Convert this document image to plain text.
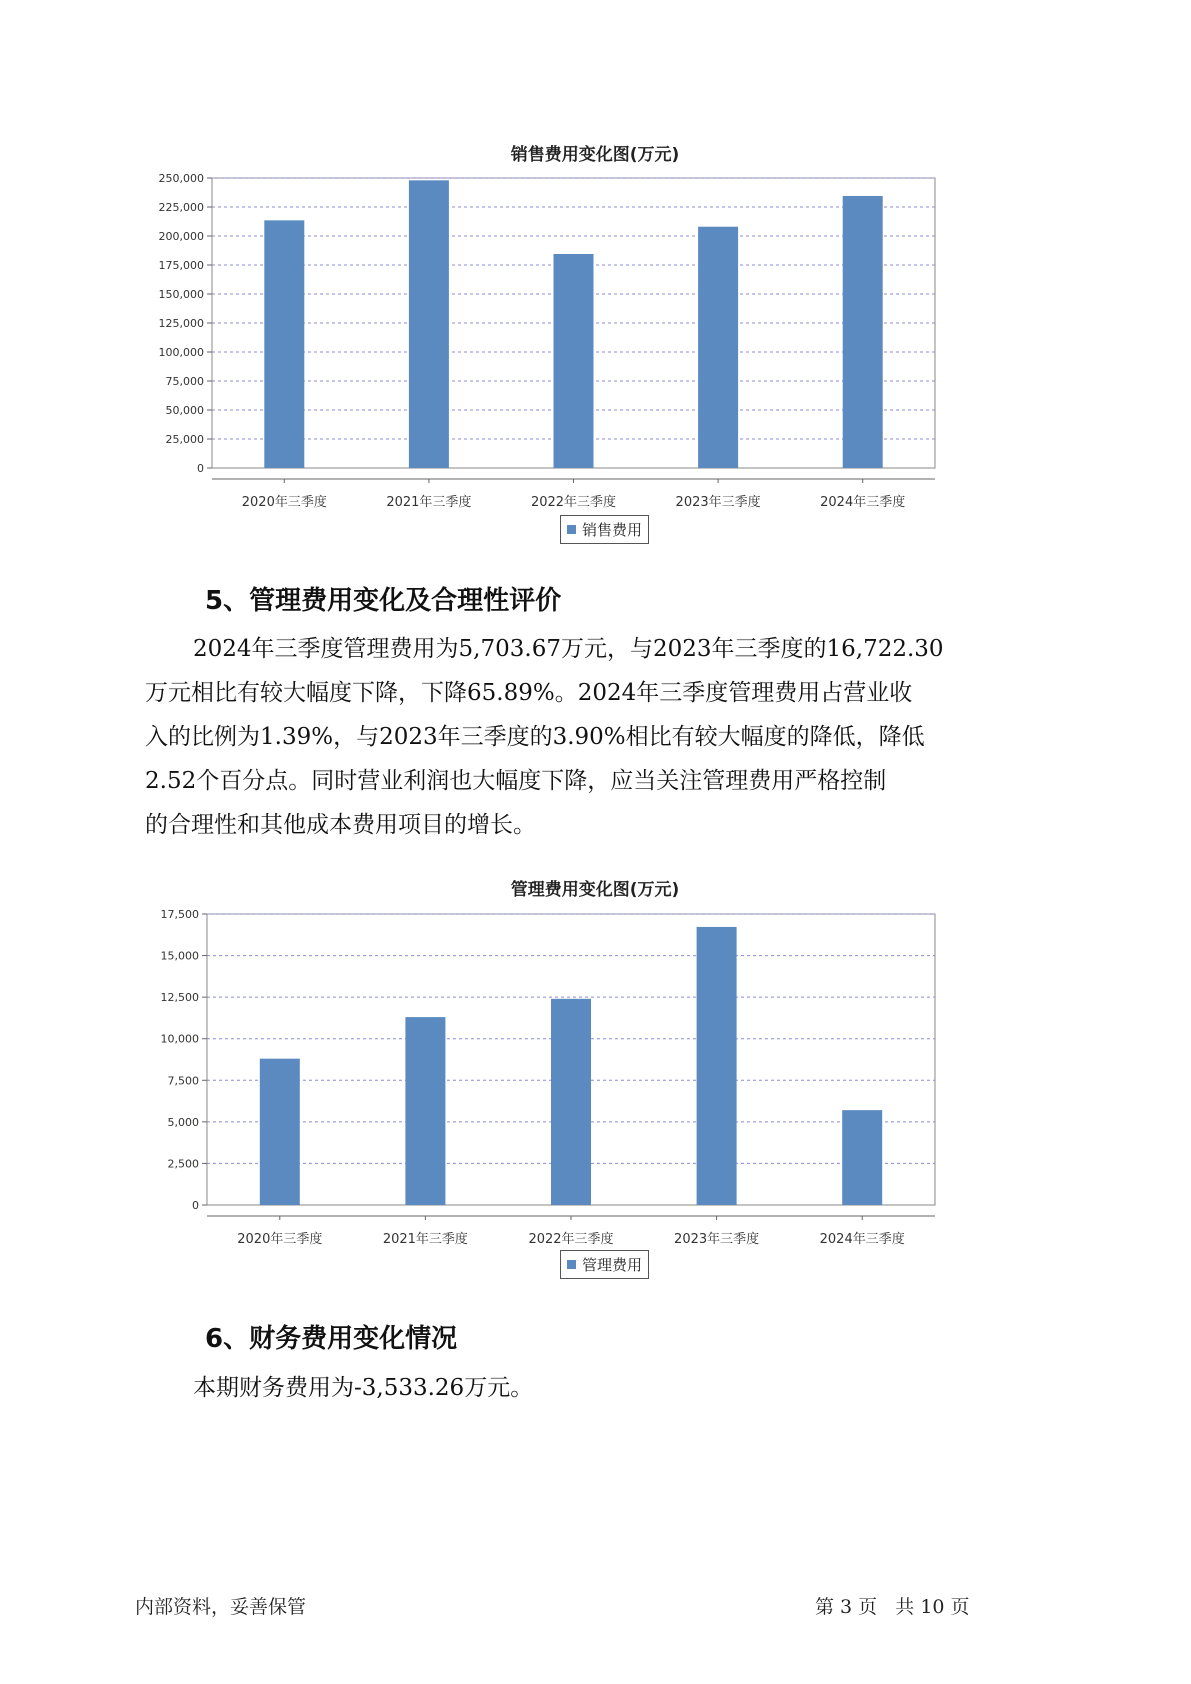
销售费用变化图(万元)
0
25,000
50,000
75,000
100,000
125,000
150,000
175,000
200,000
225,000
250,000
2020年三季度	2021年三季度	2022年三季度	2023年三季度	2024年三季度
销售费用
5、管理费用变化及合理性评价
2024年三季度管理费用为5,703.67万元，与2023年三季度的16,722.30
万元相比有较大幅度下降，下降65.89%。2024年三季度管理费用占营业收
入的比例为1.39%，与2023年三季度的3.90%相比有较大幅度的降低，降低
2.52个百分点。同时营业利润也大幅度下降，应当关注管理费用严格控制
的合理性和其他成本费用项目的增长。
管理费用变化图(万元)
0
2,500
5,000
7,500
10,000
12,500
15,000
17,500
2020年三季度	2021年三季度	2022年三季度	2023年三季度	2024年三季度
管理费用
6、财务费用变化情况
本期财务费用为-3,533.26万元。
内部资料，妥善保管	第 3 页   共 10 页
